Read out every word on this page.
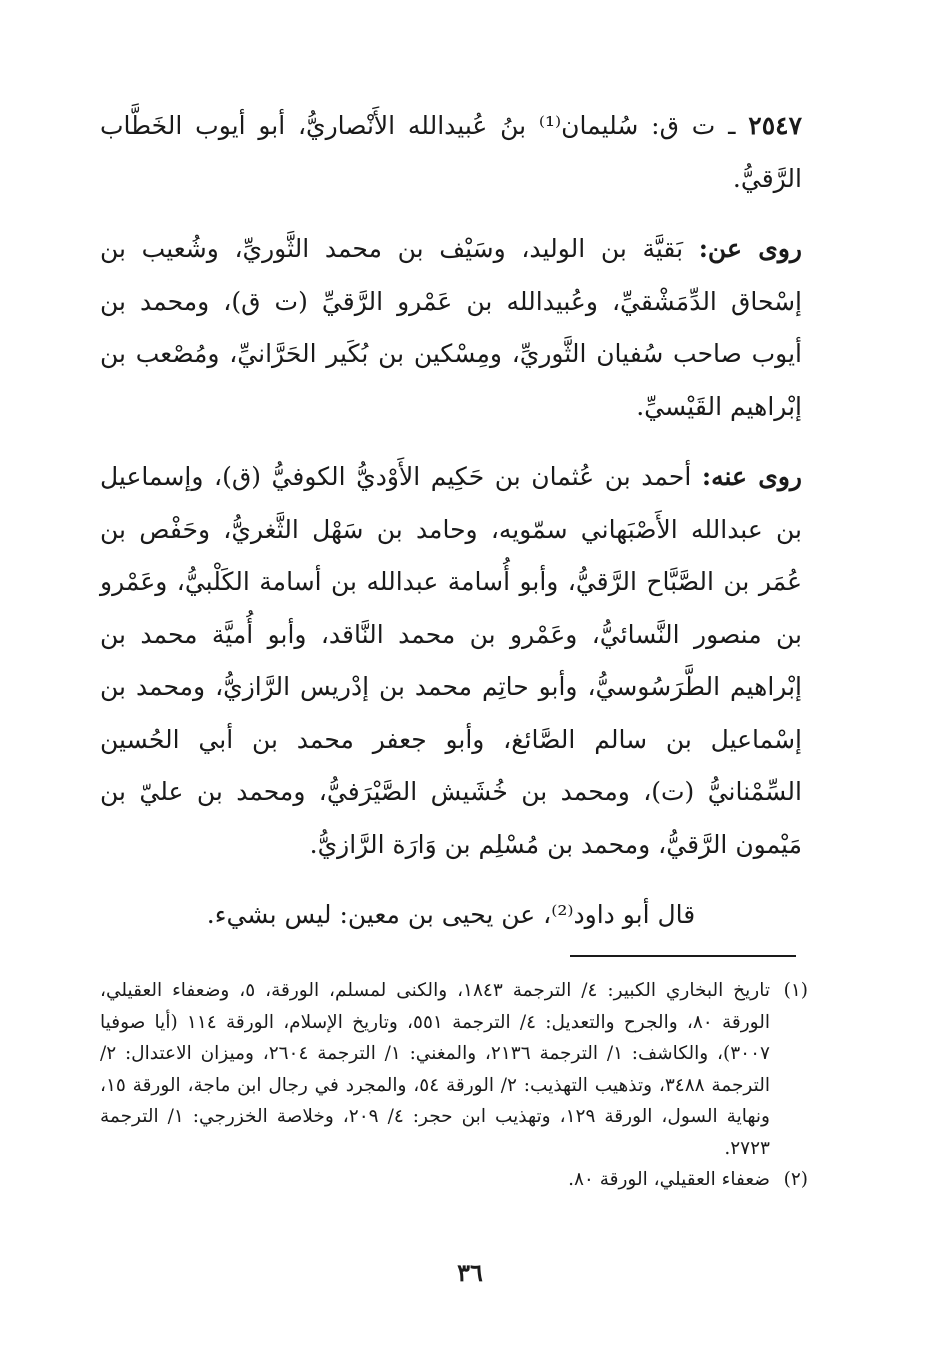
٢٥٤٧ ـ ت ق: سُليمان⁽¹⁾ بنُ عُبيدالله الأَنْصاريُّ، أبو أيوب الخَطَّاب الرَّقيُّ.

روى عن: بَقيَّة بن الوليد، وسَيْف بن محمد الثَّوريِّ، وشُعيب بن إسْحاق الدِّمَشْقيِّ، وعُبيدالله بن عَمْرو الرَّقيِّ (ت ق)، ومحمد بن أيوب صاحب سُفيان الثَّوريِّ، ومِسْكين بن بُكَير الحَرَّانيِّ، ومُصْعب بن إبْراهيم القَيْسيِّ.

روى عنه: أحمد بن عُثمان بن حَكِيم الأَوْديُّ الكوفيُّ (ق)، وإسماعيل بن عبدالله الأَصْبَهاني سمّويه، وحامد بن سَهْل الثَّغريُّ، وحَفْص بن عُمَر بن الصَّبَّاح الرَّقيُّ، وأبو أُسامة عبدالله بن أسامة الكَلْبيُّ، وعَمْرو بن منصور النَّسائيُّ، وعَمْرو بن محمد النَّاقد، وأبو أُميَّة محمد بن إبْراهيم الطَّرَسُوسيُّ، وأبو حاتِم محمد بن إدْريس الرَّازيُّ، ومحمد بن إسْماعيل بن سالم الصَّائغ، وأبو جعفر محمد بن أبي الحُسين السِّمْنانيُّ (ت)، ومحمد بن خُشَيش الصَّيْرَفيُّ، ومحمد بن عليّ بن مَيْمون الرَّقيُّ، ومحمد بن مُسْلِم بن وَارَة الرَّازيُّ.

قال أبو داود⁽²⁾، عن يحيى بن معين: ليس بشيء.

(١)
تاريخ البخاري الكبير: ٤/ الترجمة ١٨٤٣، والكنى لمسلم، الورقة، ٥، وضعفاء العقيلي، الورقة ٨٠، والجرح والتعديل: ٤/ الترجمة ٥٥١، وتاريخ الإسلام، الورقة ١١٤ (أيا صوفيا ٣٠٠٧)، والكاشف: ١/ الترجمة ٢١٣٦، والمغني: ١/ الترجمة ٢٦٠٤، وميزان الاعتدال: ٢/ الترجمة ٣٤٨٨، وتذهيب التهذيب: ٢/ الورقة ٥٤، والمجرد في رجال ابن ماجة، الورقة ١٥، ونهاية السول، الورقة ١٢٩، وتهذيب ابن حجر: ٤/ ٢٠٩، وخلاصة الخزرجي: ١/ الترجمة ٢٧٢٣.

(٢)
ضعفاء العقيلي، الورقة ٨٠.

٣٦
